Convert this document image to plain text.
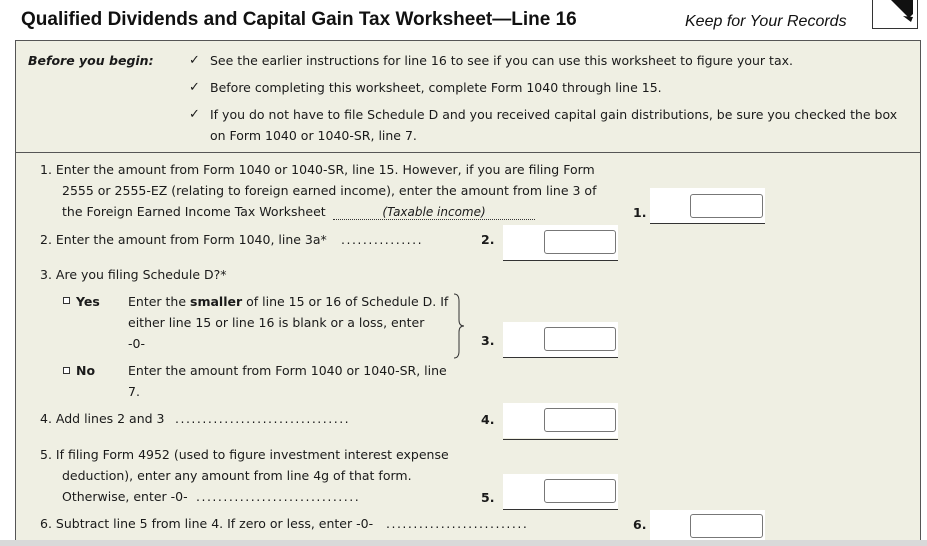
Qualified Dividends and Capital Gain Tax Worksheet—Line 16	Keep for Your Records
Before you begin:	✓ See the earlier instructions for line 16 to see if you can use this worksheet to figure your tax.
✓ Before completing this worksheet, complete Form 1040 through line 15.
✓ If you do not have to file Schedule D and you received capital gain distributions, be sure you checked the box
on Form 1040 or 1040-SR, line 7.
1. Enter the amount from Form 1040 or 1040-SR, line 15. However, if you are filing Form
2555 or 2555-EZ (relating to foreign earned income), enter the amount from line 3 of
the Foreign Earned Income Tax Worksheet	(Taxable income)	1.
2. Enter the amount from Form 1040, line 3a* ...............	2.
3. Are you filing Schedule D?*
Yes Enter the smaller of line 15 or 16 of Schedule D. If
either line 15 or line 16 is blank or a loss, enter
-0-	3.
No	Enter the amount from Form 1040 or 1040-SR, line
7.
4. Add lines 2 and 3 ................................	4.
5. If filing Form 4952 (used to figure investment interest expense
deduction), enter any amount from line 4g of that form.
Otherwise, enter -0- ..............................	5.
6. Subtract line 5 from line 4. If zero or less, enter -0- ..........................	6.
